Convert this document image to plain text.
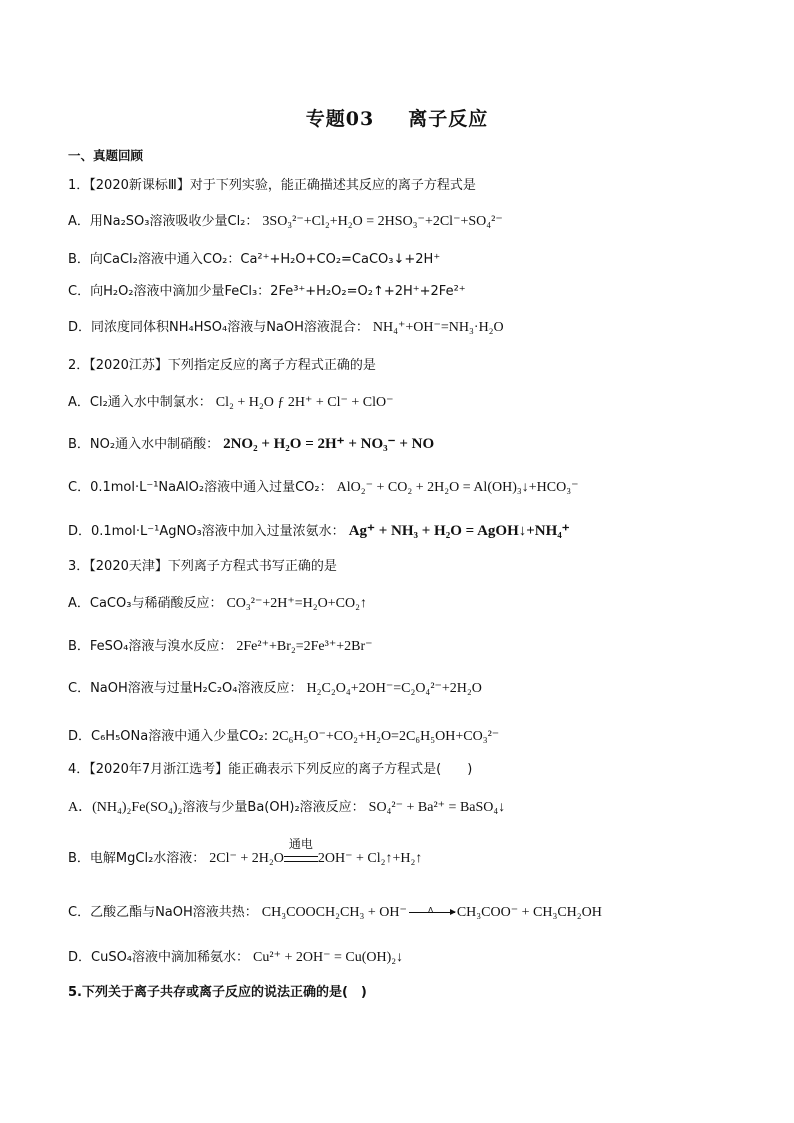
专题03 离子反应
一、真题回顾
1．【2020新课标Ⅲ】对于下列实验，能正确描述其反应的离子方程式是
A．用Na₂SO₃溶液吸收少量Cl₂： 3SO₃²⁻+Cl₂+H₂O = 2HSO₃⁻+2Cl⁻+SO₄²⁻
B．向CaCl₂溶液中通入CO₂：Ca²⁺+H₂O+CO₂=CaCO₃↓+2H⁺
C．向H₂O₂溶液中滴加少量FeCl₃：2Fe³⁺+H₂O₂=O₂↑+2H⁺+2Fe²⁺
D．同浓度同体积NH₄HSO₄溶液与NaOH溶液混合： NH₄⁺+OH⁻=NH₃·H₂O
2．【2020江苏】下列指定反应的离子方程式正确的是
A．Cl₂通入水中制氯水： Cl₂ + H₂O ƒ 2H⁺ + Cl⁻ + ClO⁻
B．NO₂通入水中制硝酸： 2NO₂ + H₂O = 2H⁺ + NO₃⁻ + NO
C．0.1mol·L⁻¹NaAlO₂溶液中通入过量CO₂： AlO₂⁻ + CO₂ + 2H₂O = Al(OH)₃↓+HCO₃⁻
D．0.1mol·L⁻¹AgNO₃溶液中加入过量浓氨水： Ag⁺ + NH₃ + H₂O = AgOH↓+NH₄⁺
3．【2020天津】下列离子方程式书写正确的是
A．CaCO₃与稀硝酸反应： CO₃²⁻+2H⁺=H₂O+CO₂↑
B．FeSO₄溶液与溴水反应： 2Fe²⁺+Br₂=2Fe³⁺+2Br⁻
C．NaOH溶液与过量H₂C₂O₄溶液反应： H₂C₂O₄+2OH⁻=C₂O₄²⁻+2H₂O
D．C₆H₅ONa溶液中通入少量CO₂: 2C₆H₅O⁻+CO₂+H₂O=2C₆H₅OH+CO₃²⁻
4．【2020年7月浙江选考】能正确表示下列反应的离子方程式是(　　)
A．(NH₄)₂Fe(SO₄)₂溶液与少量Ba(OH)₂溶液反应： SO₄²⁻ + Ba²⁺ = BaSO₄↓
B．电解MgCl₂水溶液： 2Cl⁻ + 2H₂O
通电
2OH⁻ + Cl₂↑+H₂↑
C．乙酸乙酯与NaOH溶液共热： CH₃COOCH₂CH₃ + OH⁻	Δ CH₃COO⁻ + CH₃CH₂OH
D．CuSO₄溶液中滴加稀氨水： Cu²⁺ + 2OH⁻ = Cu(OH)₂↓
5.下列关于离子共存或离子反应的说法正确的是(　)
